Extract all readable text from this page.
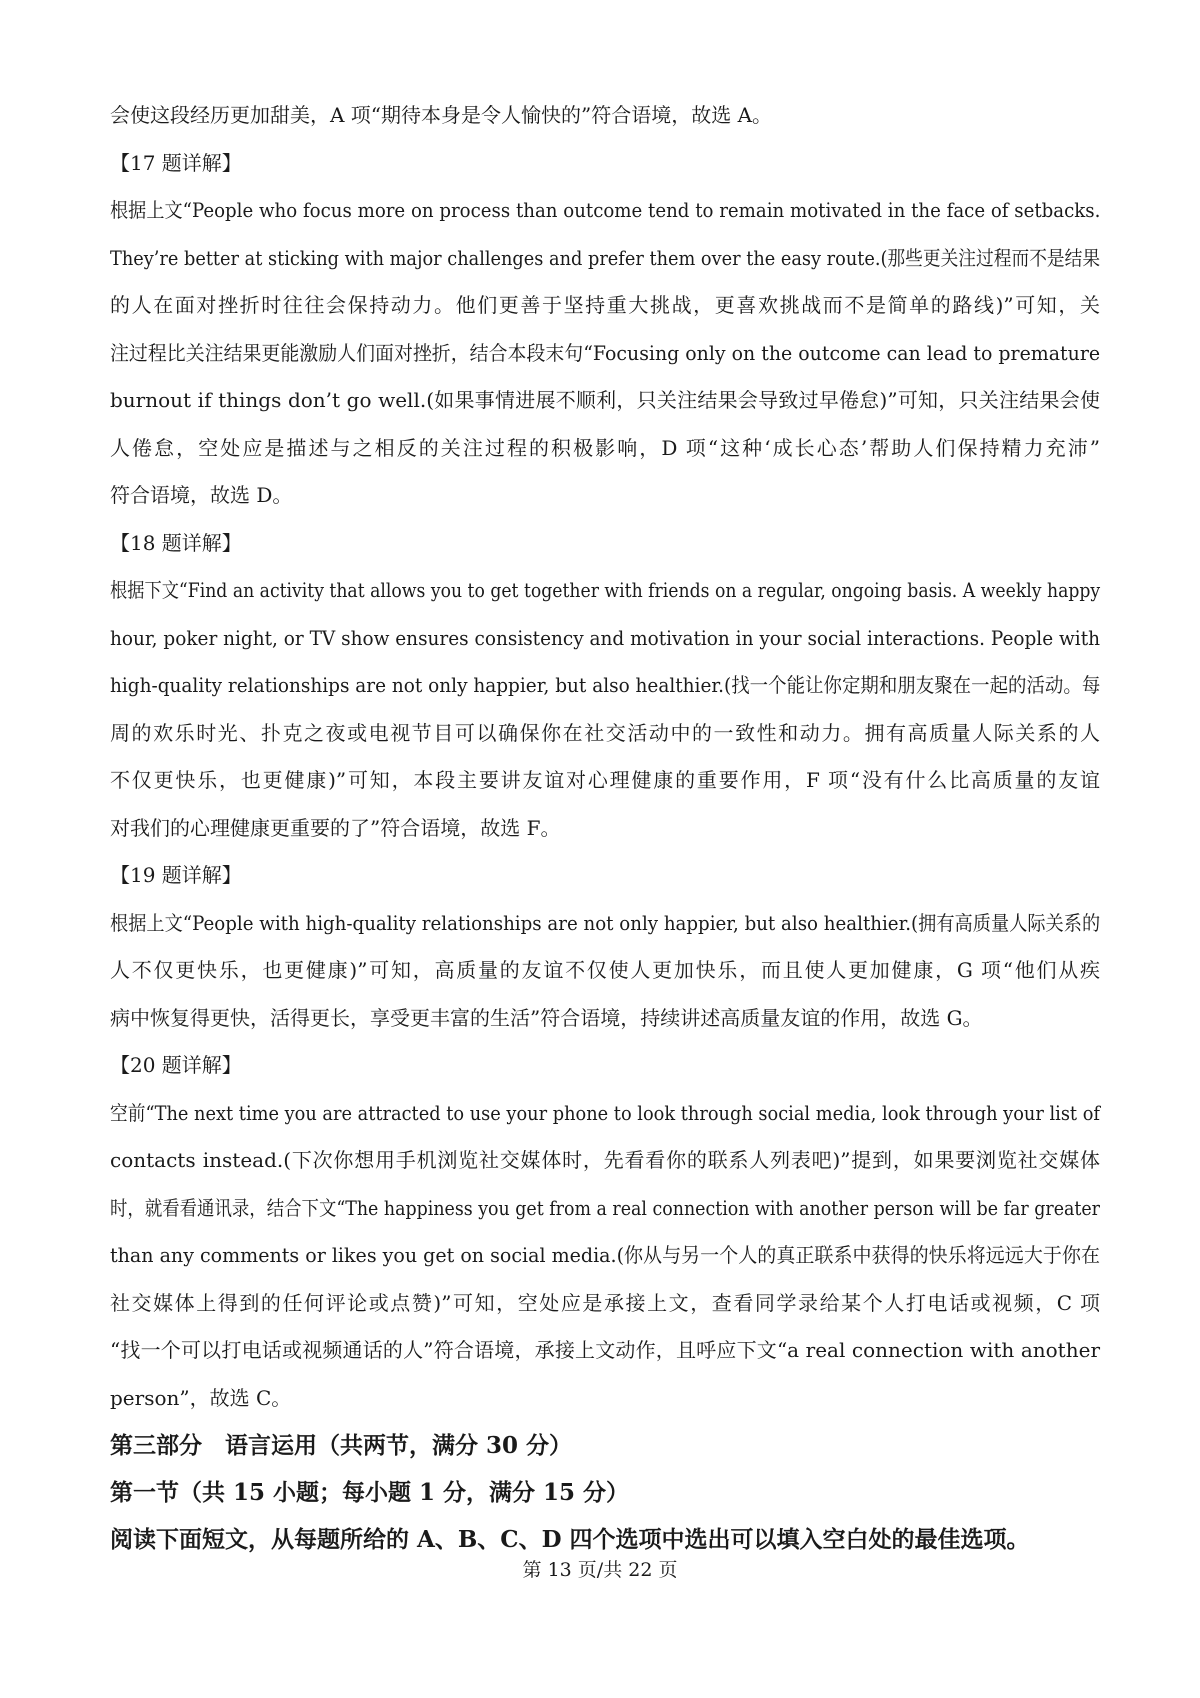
会使这段经历更加甜美，A 项“期待本身是令人愉快的”符合语境，故选 A。
【17 题详解】
根据上文“People who focus more on process than outcome tend to remain motivated in the face of setbacks.
They’re better at sticking with major challenges and prefer them over the easy route.(那些更关注过程而不是结果
的人在面对挫折时往往会保持动力。他们更善于坚持重大挑战，更喜欢挑战而不是简单的路线)”可知，关
注过程比关注结果更能激励人们面对挫折，结合本段末句“Focusing only on the outcome can lead to premature
burnout if things don’t go well.(如果事情进展不顺利，只关注结果会导致过早倦怠)”可知，只关注结果会使
人倦怠，空处应是描述与之相反的关注过程的积极影响，D 项“这种‘成长心态’帮助人们保持精力充沛”
符合语境，故选 D。
【18 题详解】
根据下文“Find an activity that allows you to get together with friends on a regular, ongoing basis. A weekly happy
hour, poker night, or TV show ensures consistency and motivation in your social interactions. People with
high-quality relationships are not only happier, but also healthier.(找一个能让你定期和朋友聚在一起的活动。每
周的欢乐时光、扑克之夜或电视节目可以确保你在社交活动中的一致性和动力。拥有高质量人际关系的人
不仅更快乐，也更健康)”可知，本段主要讲友谊对心理健康的重要作用，F 项“没有什么比高质量的友谊
对我们的心理健康更重要的了”符合语境，故选 F。
【19 题详解】
根据上文“People with high-quality relationships are not only happier, but also healthier.(拥有高质量人际关系的
人不仅更快乐，也更健康)”可知，高质量的友谊不仅使人更加快乐，而且使人更加健康，G 项“他们从疾
病中恢复得更快，活得更长，享受更丰富的生活”符合语境，持续讲述高质量友谊的作用，故选 G。
【20 题详解】
空前“The next time you are attracted to use your phone to look through social media, look through your list of
contacts instead.(下次你想用手机浏览社交媒体时，先看看你的联系人列表吧)”提到，如果要浏览社交媒体
时，就看看通讯录，结合下文“The happiness you get from a real connection with another person will be far greater
than any comments or likes you get on social media.(你从与另一个人的真正联系中获得的快乐将远远大于你在
社交媒体上得到的任何评论或点赞)”可知，空处应是承接上文，查看同学录给某个人打电话或视频，C 项
“找一个可以打电话或视频通话的人”符合语境，承接上文动作，且呼应下文“a real connection with another
person”，故选 C。
第三部分　语言运用（共两节，满分 30 分）
第一节（共 15 小题；每小题 1 分，满分 15 分）
阅读下面短文，从每题所给的 A、B、C、D 四个选项中选出可以填入空白处的最佳选项。
第 13 页/共 22 页
